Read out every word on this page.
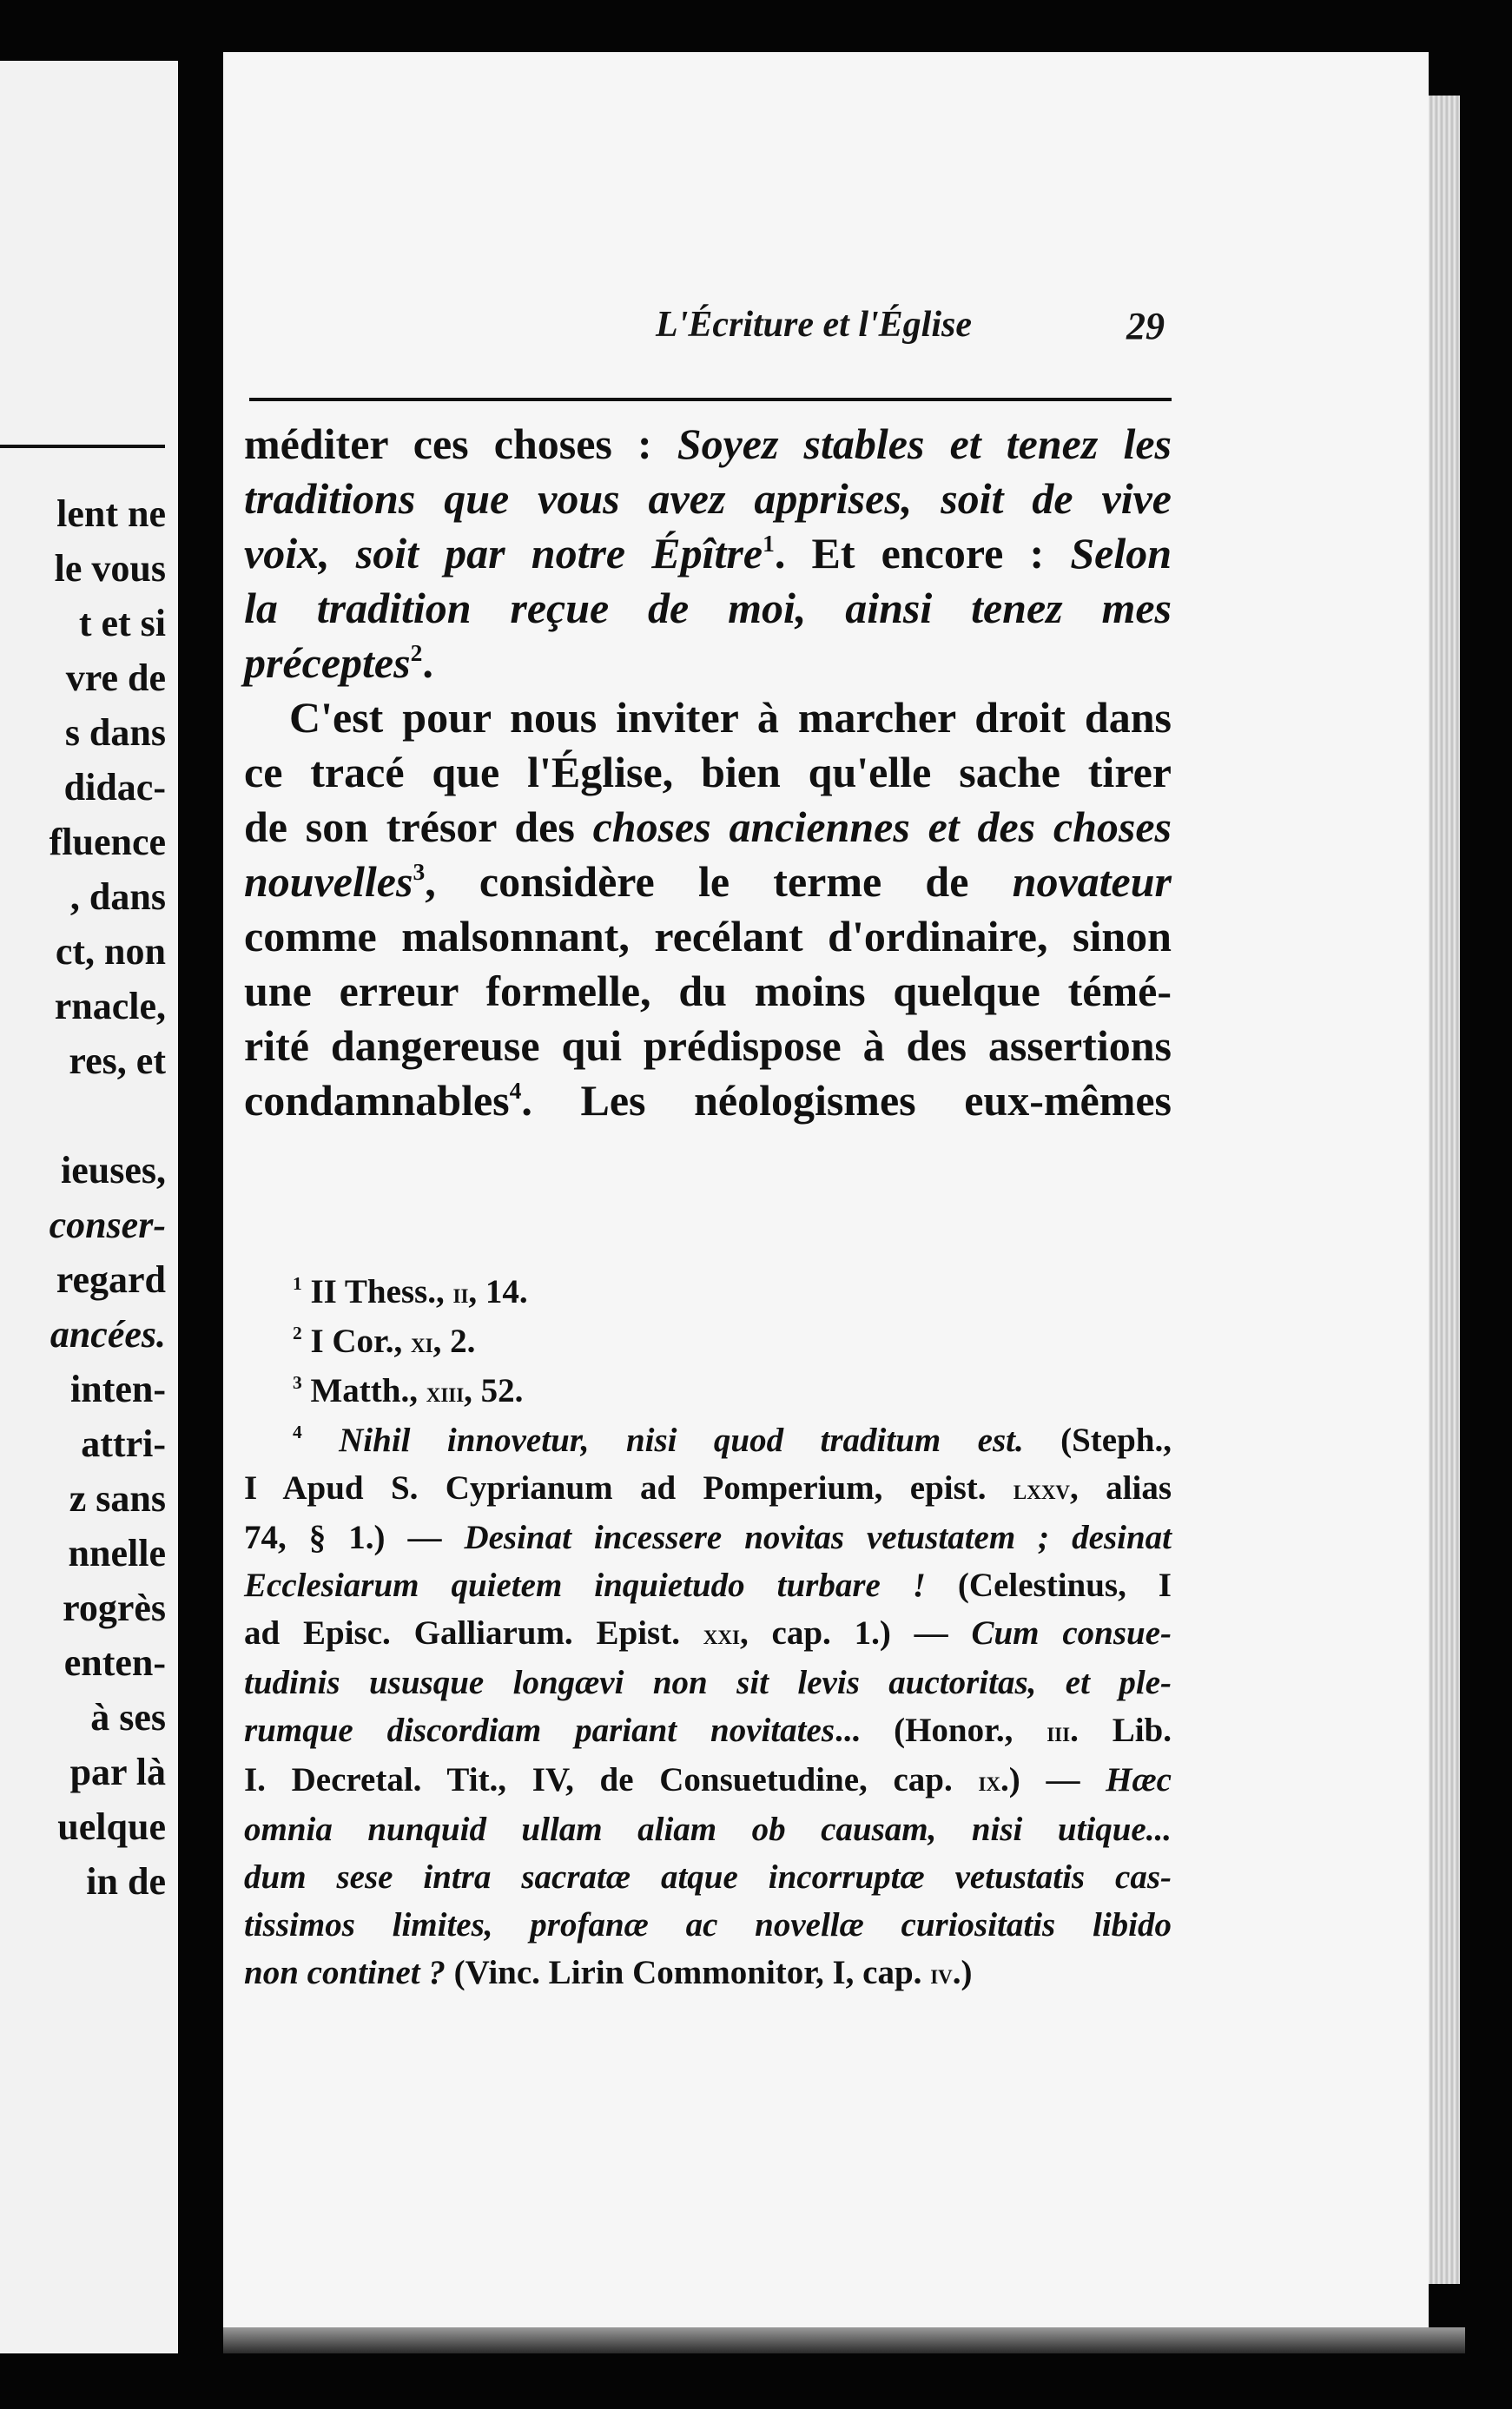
lent ne
le vous
t et si
vre de
s dans
didac-
fluence
, dans
ct, non
rnacle,
res, et

ieuses,
conser-
regard
ancées.
inten-
attri-
z sans
nnelle
rogrès
enten-
à ses
par là
uelque
in de
L'Écriture et l'Église	29
méditer ces choses : Soyez stables et tenez les
traditions que vous avez apprises, soit de vive
voix, soit par notre Épître$^1$. Et encore : Selon
la tradition reçue de moi, ainsi tenez mes
préceptes$^2$.
C'est pour nous inviter à marcher droit dans
ce tracé que l'Église, bien qu'elle sache tirer
de son trésor des choses anciennes et des choses
nouvelles$^3$, considère le terme de novateur
comme malsonnant, recélant d'ordinaire, sinon
une erreur formelle, du moins quelque témé-
rité dangereuse qui prédispose à des assertions
condamnables$^4$. Les néologismes eux-mêmes
$^1$ II Thess., ii, 14.
$^2$ I Cor., xi, 2.
$^3$ Matth., xiii, 52.
$^4$ Nihil innovetur, nisi quod traditum est. (Steph.,
I Apud S. Cyprianum ad Pomperium, epist. lxxv, alias
74, § 1.) — Desinat incessere novitas vetustatem ; desinat
Ecclesiarum quietem inquietudo turbare ! (Celestinus, I
ad Episc. Galliarum. Epist. xxi, cap. 1.) — Cum consue-
tudinis ususque longævi non sit levis auctoritas, et ple-
rumque discordiam pariant novitates... (Honor., iii. Lib.
I. Decretal. Tit., IV, de Consuetudine, cap. ix.) — Hæc
omnia nunquid ullam aliam ob causam, nisi utique...
dum sese intra sacratæ atque incorruptæ vetustatis cas-
tissimos limites, profanæ ac novellæ curiositatis libido
non continet ? (Vinc. Lirin Commonitor, I, cap. iv.)
